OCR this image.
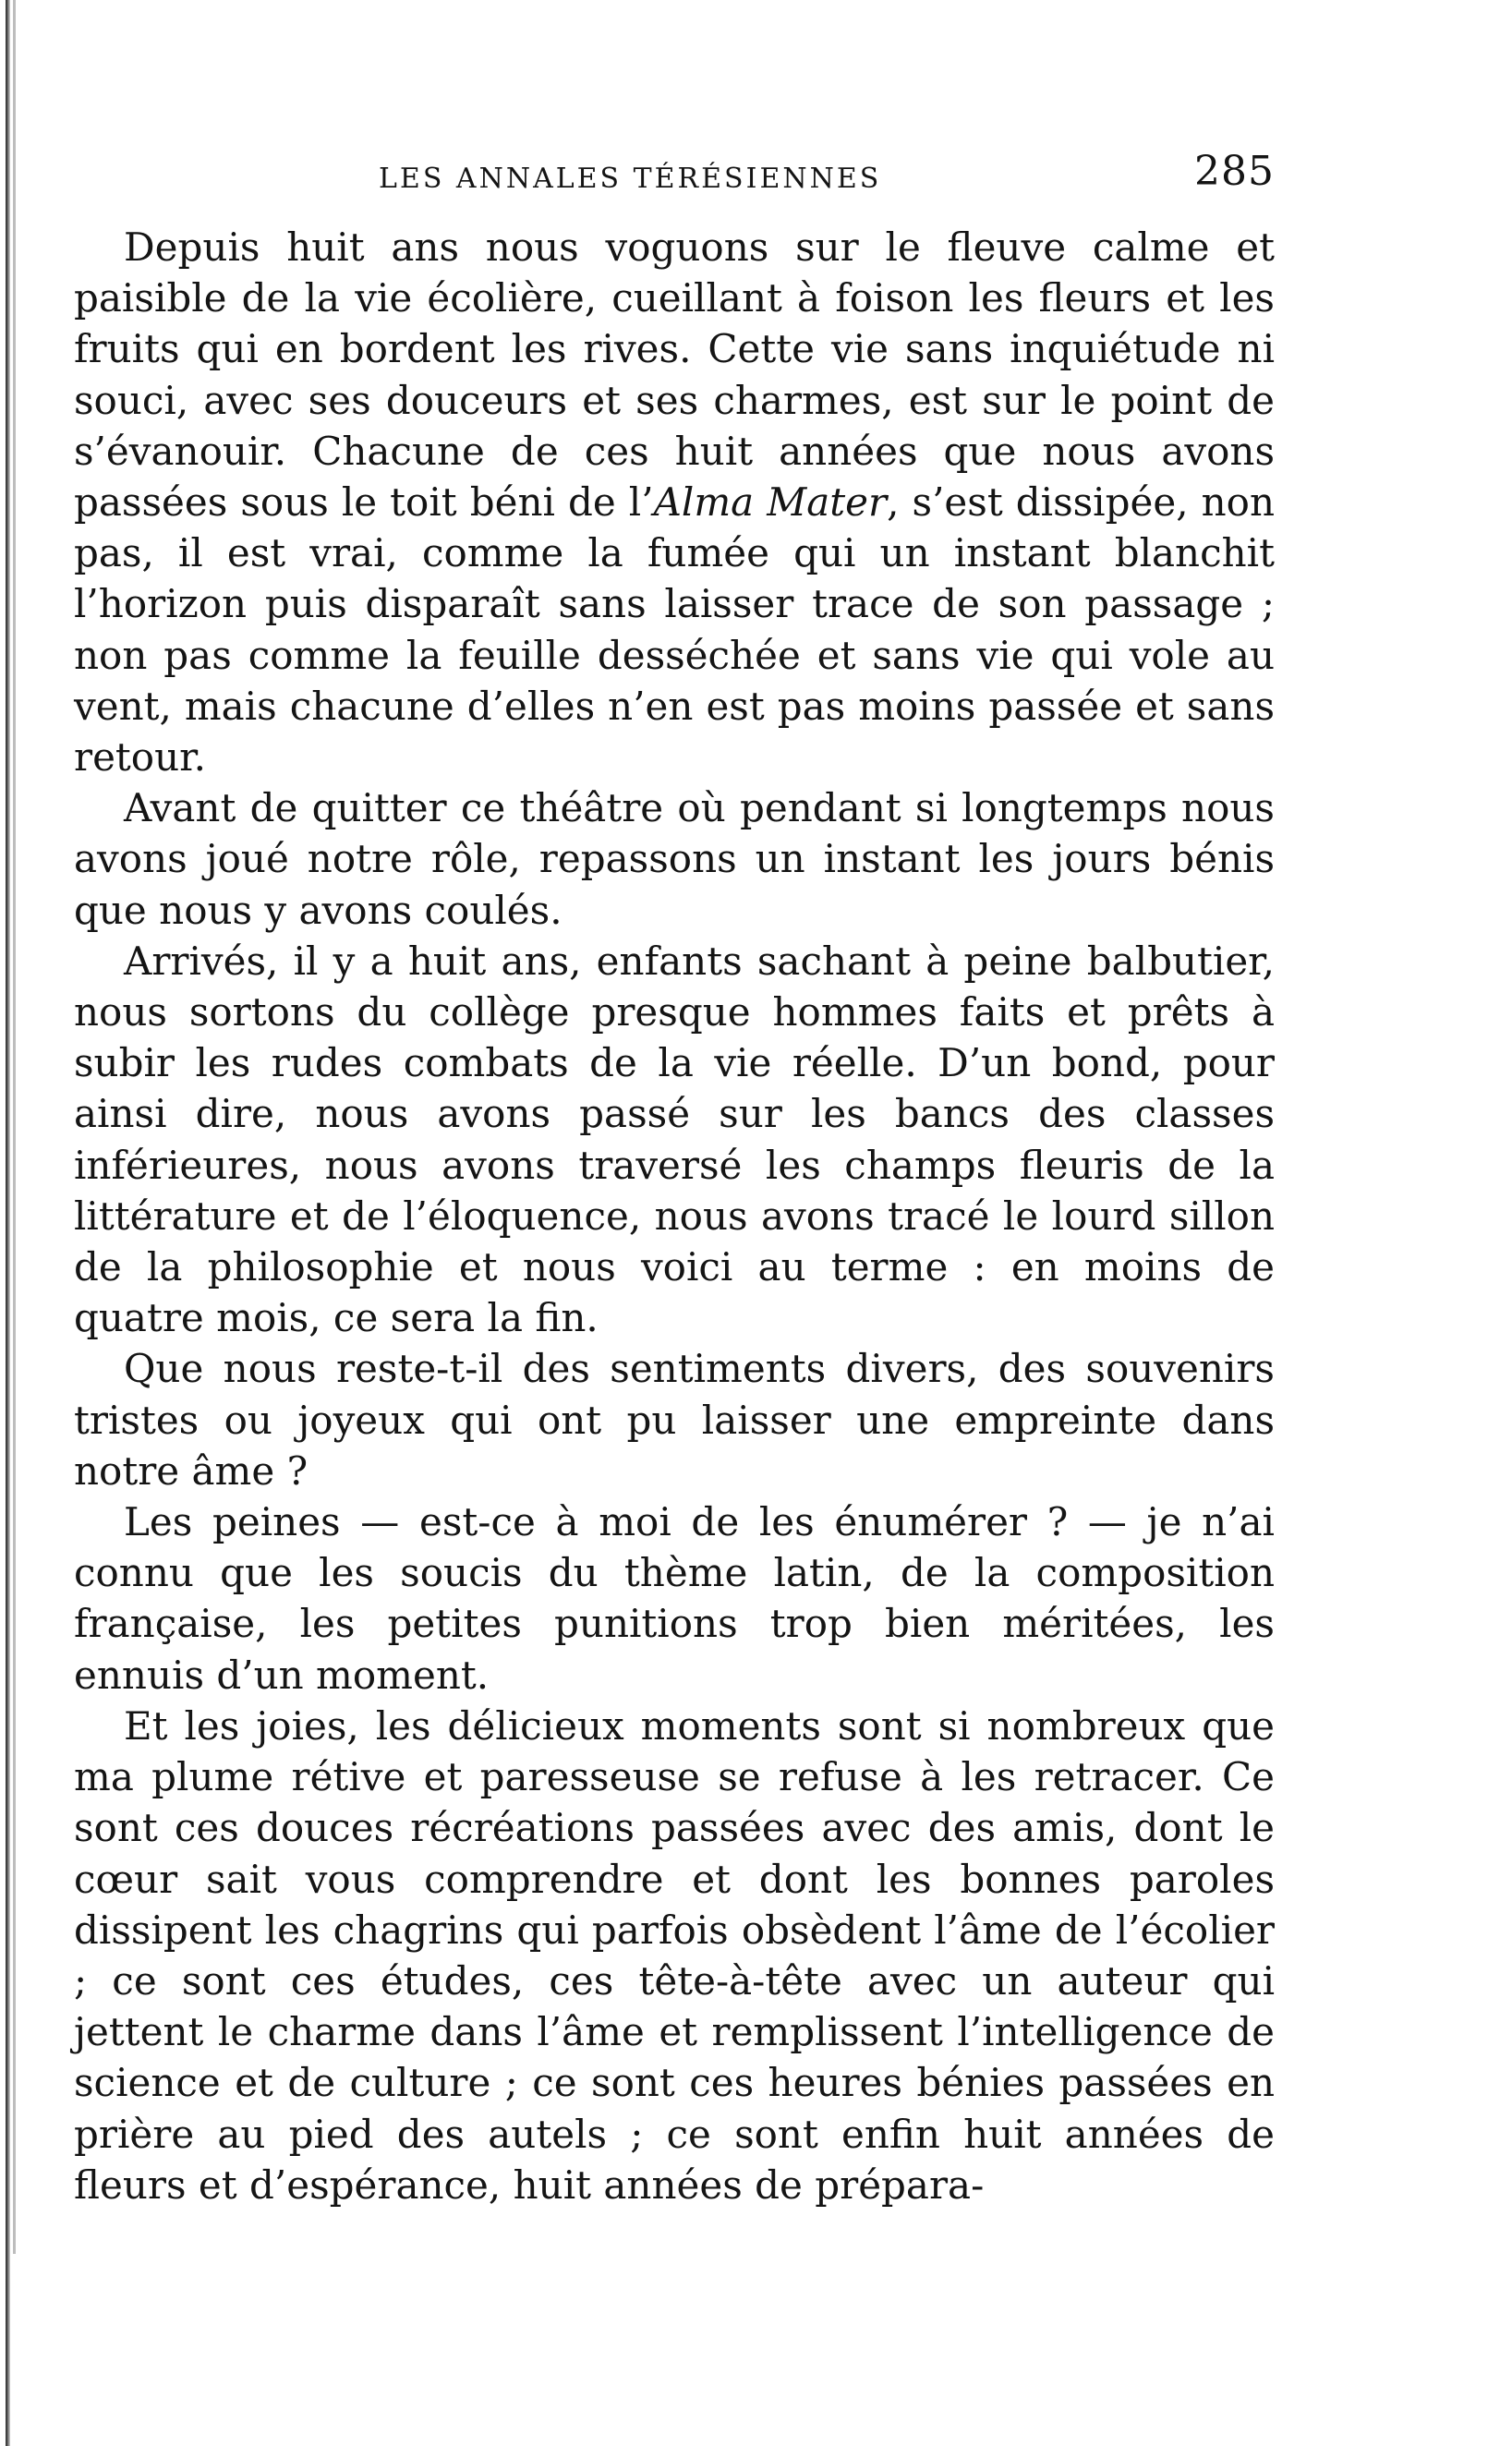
LES ANNALES TÉRÉSIENNES	285

Depuis huit ans nous voguons sur le fleuve calme et paisible de la vie écolière, cueillant à foison les fleurs et les fruits qui en bordent les rives. Cette vie sans inquiétude ni souci, avec ses douceurs et ses charmes, est sur le point de s’évanouir. Chacune de ces huit années que nous avons passées sous le toit béni de l’Alma Mater, s’est dissipée, non pas, il est vrai, comme la fumée qui un instant blanchit l’horizon puis disparaît sans laisser trace de son passage ; non pas comme la feuille desséchée et sans vie qui vole au vent, mais chacune d’elles n’en est pas moins passée et sans retour.

Avant de quitter ce théâtre où pendant si longtemps nous avons joué notre rôle, repassons un instant les jours bénis que nous y avons coulés.

Arrivés, il y a huit ans, enfants sachant à peine balbutier, nous sortons du collège presque hommes faits et prêts à subir les rudes combats de la vie réelle. D’un bond, pour ainsi dire, nous avons passé sur les bancs des classes inférieures, nous avons traversé les champs fleuris de la littérature et de l’éloquence, nous avons tracé le lourd sillon de la philosophie et nous voici au terme : en moins de quatre mois, ce sera la fin.

Que nous reste-t-il des sentiments divers, des souvenirs tristes ou joyeux qui ont pu laisser une empreinte dans notre âme ?

Les peines — est-ce à moi de les énumérer ? — je n’ai connu que les soucis du thème latin, de la composition française, les petites punitions trop bien méritées, les ennuis d’un moment.

Et les joies, les délicieux moments sont si nombreux que ma plume rétive et paresseuse se refuse à les retracer. Ce sont ces douces récréations passées avec des amis, dont le cœur sait vous comprendre et dont les bonnes paroles dissipent les chagrins qui parfois obsèdent l’âme de l’écolier ; ce sont ces études, ces tête-à-tête avec un auteur qui jettent le charme dans l’âme et remplissent l’intelligence de science et de culture ; ce sont ces heures bénies passées en prière au pied des autels ; ce sont enfin huit années de fleurs et d’espérance, huit années de prépara-
